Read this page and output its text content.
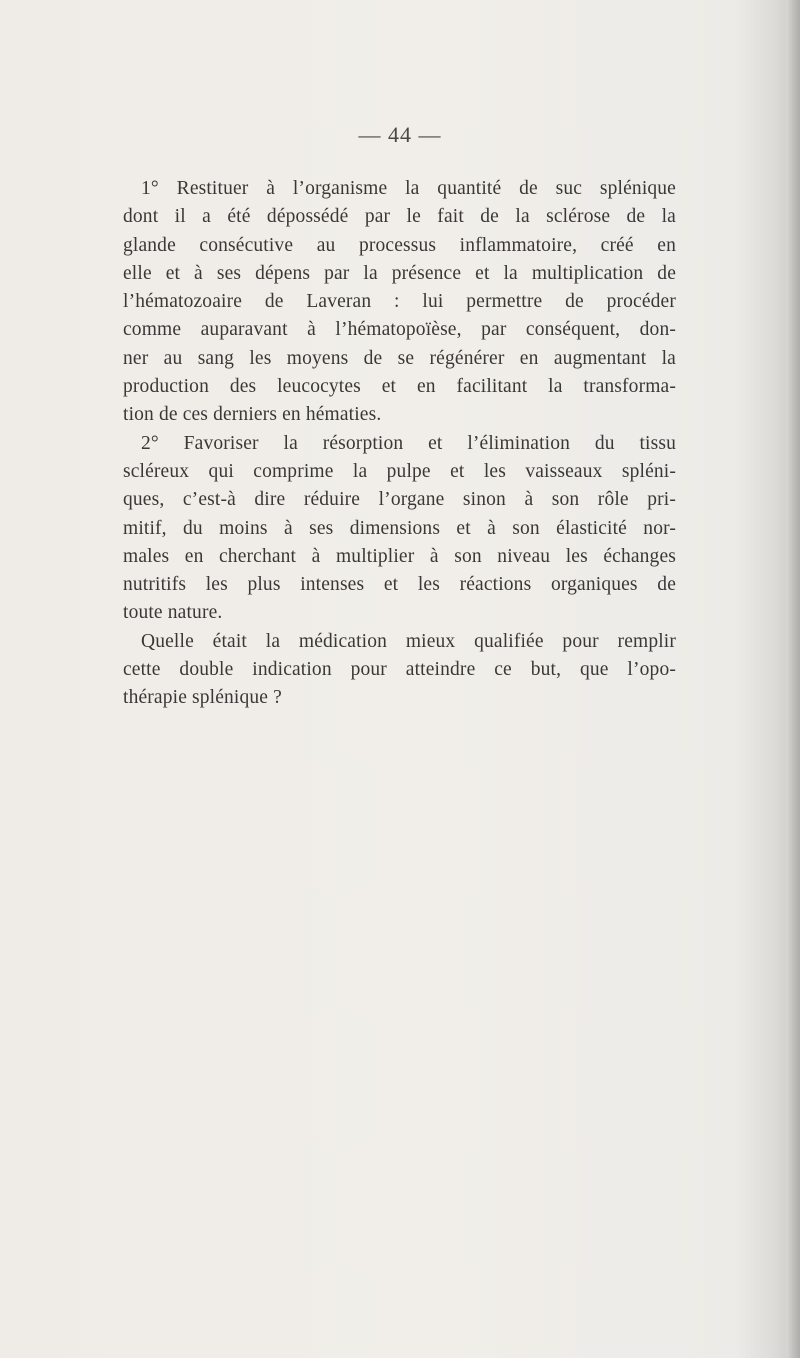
— 44 —
1° Restituer à l’organisme la quantité de suc splénique
dont il a été dépossédé par le fait de la sclérose de la
glande consécutive au processus inflammatoire, créé en
elle et à ses dépens par la présence et la multiplication de
l’hématozoaire de Laveran : lui permettre de procéder
comme auparavant à l’hématopoïèse, par conséquent, don-
ner au sang les moyens de se régénérer en augmentant la
production des leucocytes et en facilitant la transforma-
tion de ces derniers en hématies.
2° Favoriser la résorption et l’élimination du tissu
scléreux qui comprime la pulpe et les vaisseaux spléni-
ques, c’est-à dire réduire l’organe sinon à son rôle pri-
mitif, du moins à ses dimensions et à son élasticité nor-
males en cherchant à multiplier à son niveau les échanges
nutritifs les plus intenses et les réactions organiques de
toute nature.
Quelle était la médication mieux qualifiée pour remplir
cette double indication pour atteindre ce but, que l’opo-
thérapie splénique ?
